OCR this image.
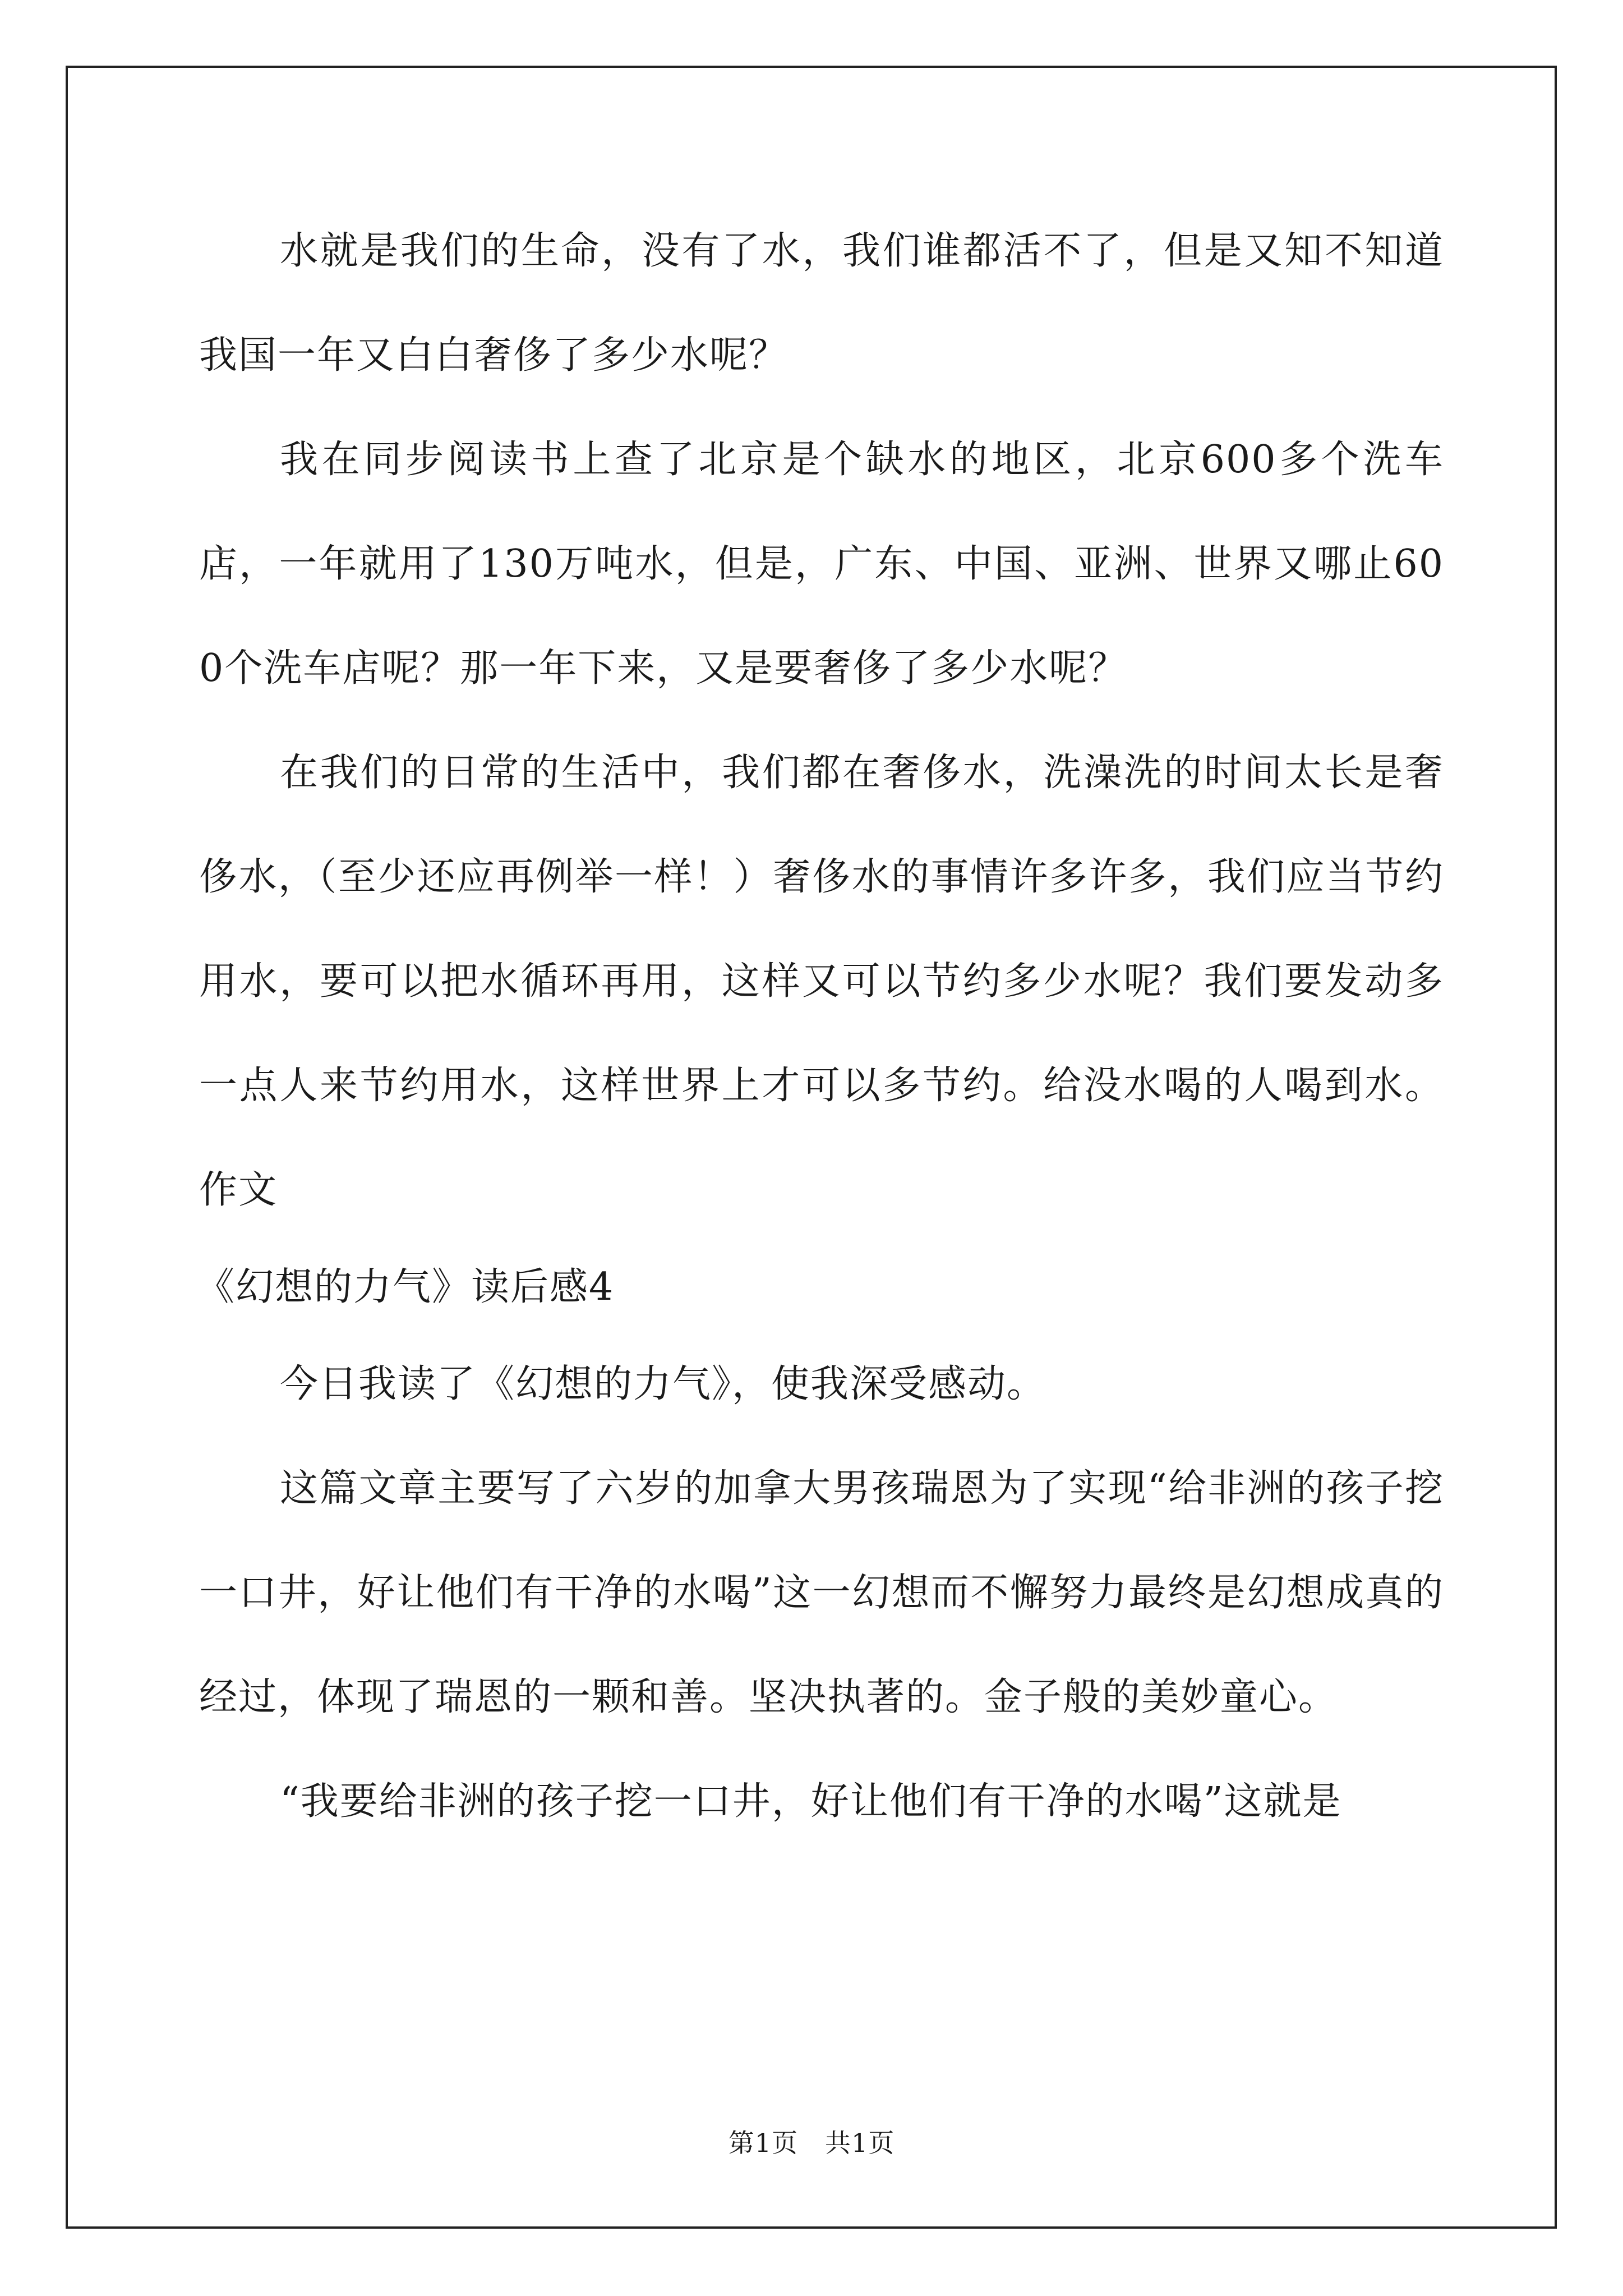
水就是我们的生命，没有了水，我们谁都活不了，但是又知不知道我国一年又白白奢侈了多少水呢？

我在同步阅读书上查了北京是个缺水的地区，北京600多个洗车店，一年就用了130万吨水，但是，广东、中国、亚洲、世界又哪止600个洗车店呢？那一年下来，又是要奢侈了多少水呢？

在我们的日常的生活中，我们都在奢侈水，洗澡洗的时间太长是奢侈水，（至少还应再例举一样！）奢侈水的事情许多许多，我们应当节约用水，要可以把水循环再用，这样又可以节约多少水呢？我们要发动多一点人来节约用水，这样世界上才可以多节约。给没水喝的人喝到水。作文

《幻想的力气》读后感4

今日我读了《幻想的力气》，使我深受感动。

这篇文章主要写了六岁的加拿大男孩瑞恩为了实现“给非洲的孩子挖一口井，好让他们有干净的水喝”这一幻想而不懈努力最终是幻想成真的经过，体现了瑞恩的一颗和善。坚决执著的。金子般的美妙童心。

“我要给非洲的孩子挖一口井，好让他们有干净的水喝”这就是

第1页 共1页
